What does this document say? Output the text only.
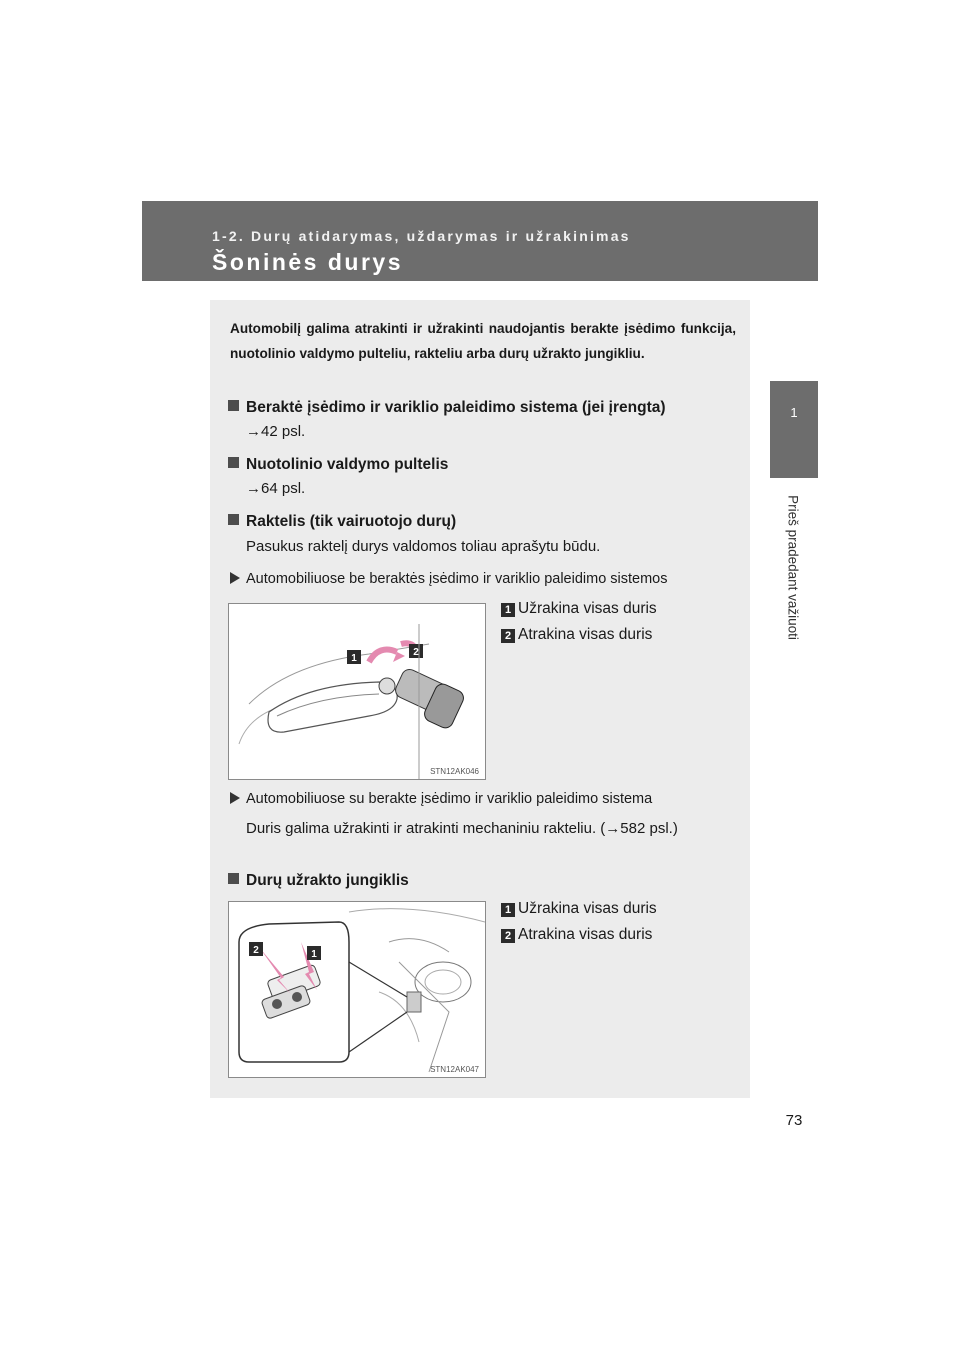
1-2. Durų atidarymas, uždarymas ir užrakinimas
Šoninės durys
1
Prieš pradedant važiuoti
Automobilį galima atrakinti ir užrakinti naudojantis berakte įsėdimo funkcija, nuotolinio valdymo pulteliu, rakteliu arba durų užrakto jungikliu.
Beraktė įsėdimo ir variklio paleidimo sistema (jei įrengta)
→42 psl.
Nuotolinio valdymo pultelis
→64 psl.
Raktelis (tik vairuotojo durų)
Pasukus raktelį durys valdomos toliau aprašytu būdu.
Automobiliuose be beraktės įsėdimo ir variklio paleidimo sistemos
1 Užrakina visas duris
2 Atrakina visas duris
1
2
STN12AK046
Automobiliuose su berakte įsėdimo ir variklio paleidimo sistema
Duris galima užrakinti ir atrakinti mechaniniu rakteliu. (→582 psl.)
Durų užrakto jungiklis
1 Užrakina visas duris
2 Atrakina visas duris
2	1
STN12AK047
73
